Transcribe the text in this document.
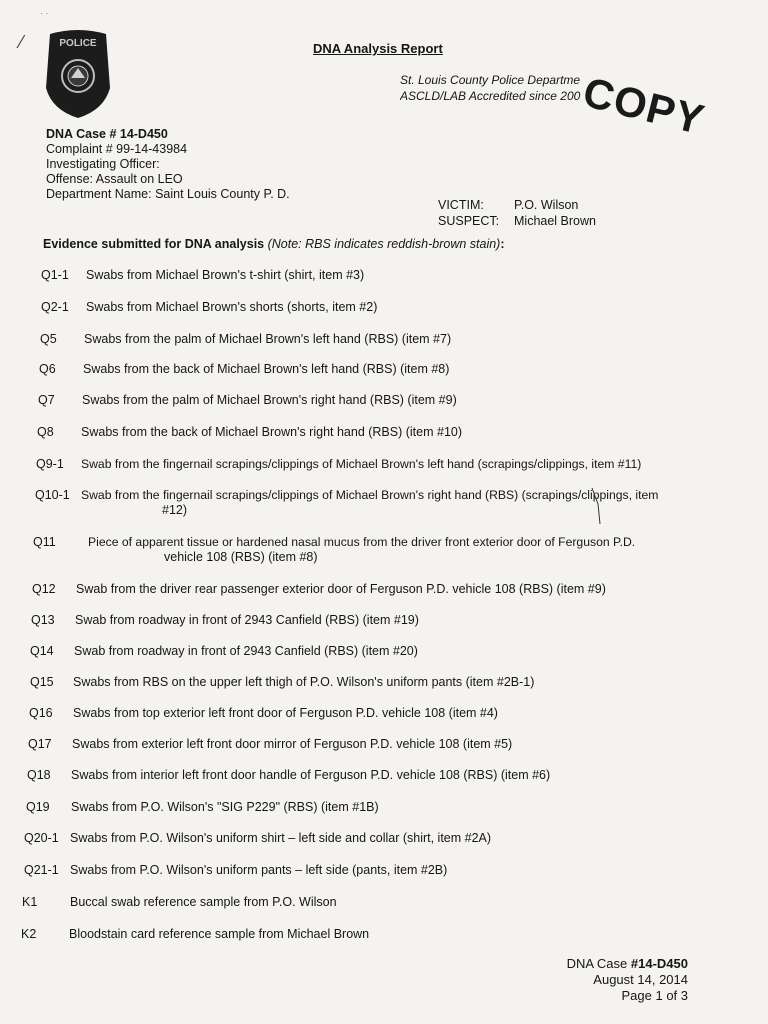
⁄
· ·
POLICE	DNA Analysis Report
St. Louis County Police Departme
ASCLD/LAB Accredited since 200
COPY
DNA Case # 14-D450
Complaint # 99-14-43984
Investigating Officer:
Offense: Assault on LEO
Department Name: Saint Louis County P. D.
VICTIM:	P.O. Wilson
SUSPECT:	Michael Brown
Evidence submitted for DNA analysis (Note: RBS indicates reddish-brown stain):
Q1-1 Swabs from Michael Brown's t-shirt (shirt, item #3)
Q2-1 Swabs from Michael Brown's shorts (shorts, item #2)
Q5 Swabs from the palm of Michael Brown's left hand (RBS) (item #7)
Q6 Swabs from the back of Michael Brown's left hand (RBS) (item #8)
Q7 Swabs from the palm of Michael Brown's right hand (RBS) (item #9)
Q8 Swabs from the back of Michael Brown's right hand (RBS) (item #10)
Q9-1 Swab from the fingernail scrapings/clippings of Michael Brown's left hand (scrapings/clippings, item #11)
Q10-1 Swab from the fingernail scrapings/clippings of Michael Brown's right hand (RBS) (scrapings/clippings, item
#12)
Q11	Piece of apparent tissue or hardened nasal mucus from the driver front exterior door of Ferguson P.D.
vehicle 108 (RBS) (item #8)
Q12 Swab from the driver rear passenger exterior door of Ferguson P.D. vehicle 108 (RBS) (item #9)
Q13 Swab from roadway in front of 2943 Canfield (RBS) (item #19)
Q14 Swab from roadway in front of 2943 Canfield (RBS) (item #20)
Q15 Swabs from RBS on the upper left thigh of P.O. Wilson's uniform pants (item #2B-1)
Q16 Swabs from top exterior left front door of Ferguson P.D. vehicle 108 (item #4)
Q17 Swabs from exterior left front door mirror of Ferguson P.D. vehicle 108 (item #5)
Q18 Swabs from interior left front door handle of Ferguson P.D. vehicle 108 (RBS) (item #6)
Q19 Swabs from P.O. Wilson's "SIG P229" (RBS) (item #1B)
Q20-1 Swabs from P.O. Wilson's uniform shirt – left side and collar (shirt, item #2A)
Q21-1 Swabs from P.O. Wilson's uniform pants – left side (pants, item #2B)
K1	Buccal swab reference sample from P.O. Wilson
K2	Bloodstain card reference sample from Michael Brown
DNA Case #14-D450
August 14, 2014
Page 1 of 3
